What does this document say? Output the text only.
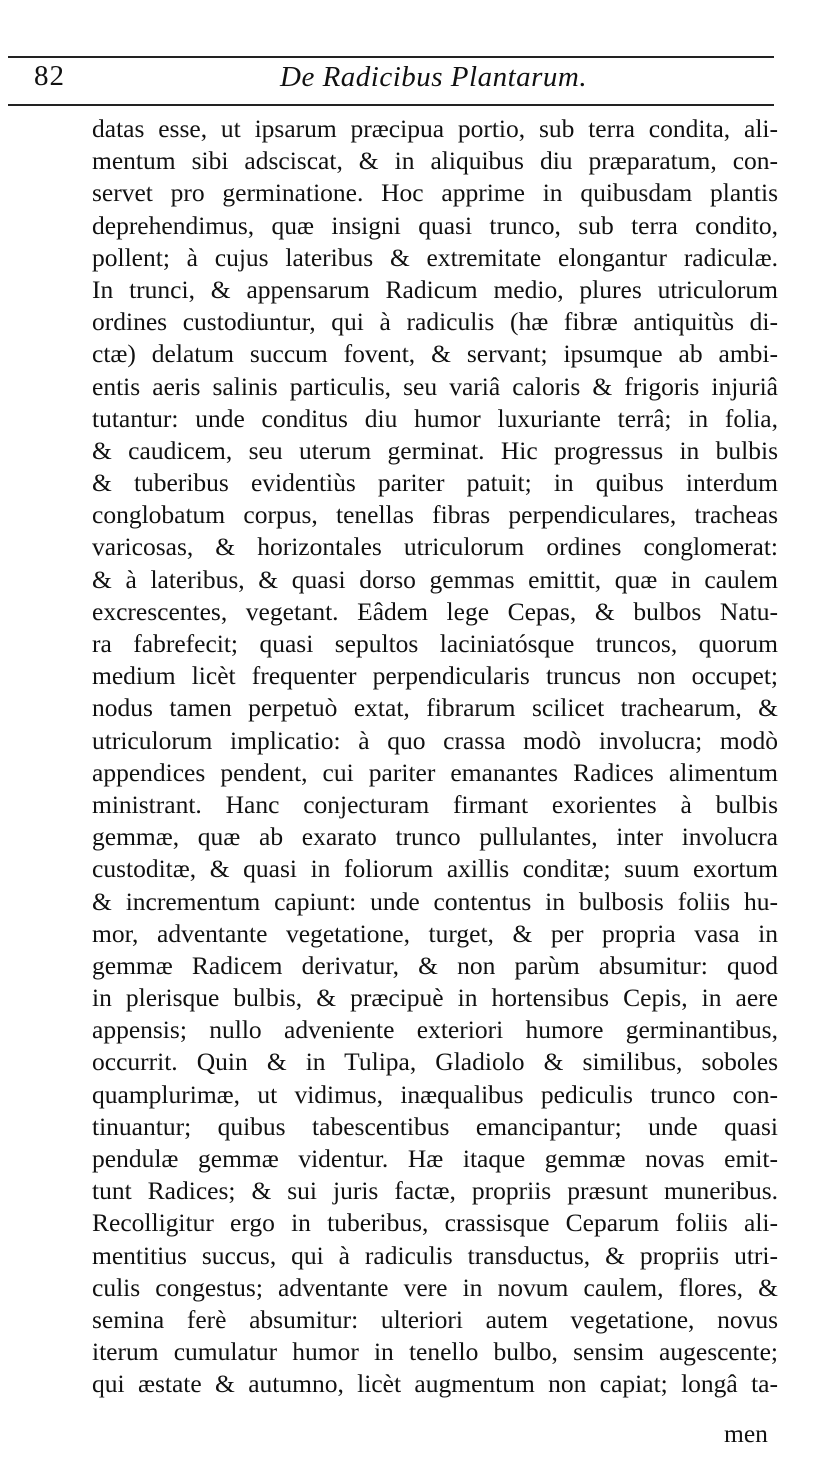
82	De Radicibus Plantarum.
datas esse, ut ipsarum præcipua portio, sub terra condita, ali-
mentum sibi adsciscat, & in aliquibus diu præparatum, con-
servet pro germinatione. Hoc apprime in quibusdam plantis
deprehendimus, quæ insigni quasi trunco, sub terra condito,
pollent; à cujus lateribus & extremitate elongantur radiculæ.
In trunci, & appensarum Radicum medio, plures utriculorum
ordines custodiuntur, qui à radiculis (hæ fibræ antiquitùs di-
ctæ) delatum succum fovent, & servant; ipsumque ab ambi-
entis aeris salinis particulis, seu variâ caloris & frigoris injuriâ
tutantur: unde conditus diu humor luxuriante terrâ; in folia,
& caudicem, seu uterum germinat. Hic progressus in bulbis
& tuberibus evidentiùs pariter patuit; in quibus interdum
conglobatum corpus, tenellas fibras perpendiculares, tracheas
varicosas, & horizontales utriculorum ordines conglomerat:
& à lateribus, & quasi dorso gemmas emittit, quæ in caulem
excrescentes, vegetant. Eâdem lege Cepas, & bulbos Natu-
ra fabrefecit; quasi sepultos laciniatósque truncos, quorum
medium licèt frequenter perpendicularis truncus non occupet;
nodus tamen perpetuò extat, fibrarum scilicet trachearum, &
utriculorum implicatio: à quo crassa modò involucra; modò
appendices pendent, cui pariter emanantes Radices alimentum
ministrant. Hanc conjecturam firmant exorientes à bulbis
gemmæ, quæ ab exarato trunco pullulantes, inter involucra
custoditæ, & quasi in foliorum axillis conditæ; suum exortum
& incrementum capiunt: unde contentus in bulbosis foliis hu-
mor, adventante vegetatione, turget, & per propria vasa in
gemmæ Radicem derivatur, & non parùm absumitur: quod
in plerisque bulbis, & præcipuè in hortensibus Cepis, in aere
appensis; nullo adveniente exteriori humore germinantibus,
occurrit. Quin & in Tulipa, Gladiolo & similibus, soboles
quamplurimæ, ut vidimus, inæqualibus pediculis trunco con-
tinuantur; quibus tabescentibus emancipantur; unde quasi
pendulæ gemmæ videntur. Hæ itaque gemmæ novas emit-
tunt Radices; & sui juris factæ, propriis præsunt muneribus.
Recolligitur ergo in tuberibus, crassisque Ceparum foliis ali-
mentitius succus, qui à radiculis transductus, & propriis utri-
culis congestus; adventante vere in novum caulem, flores, &
semina ferè absumitur: ulteriori autem vegetatione, novus
iterum cumulatur humor in tenello bulbo, sensim augescente;
qui æstate & autumno, licèt augmentum non capiat; longâ ta-
men
